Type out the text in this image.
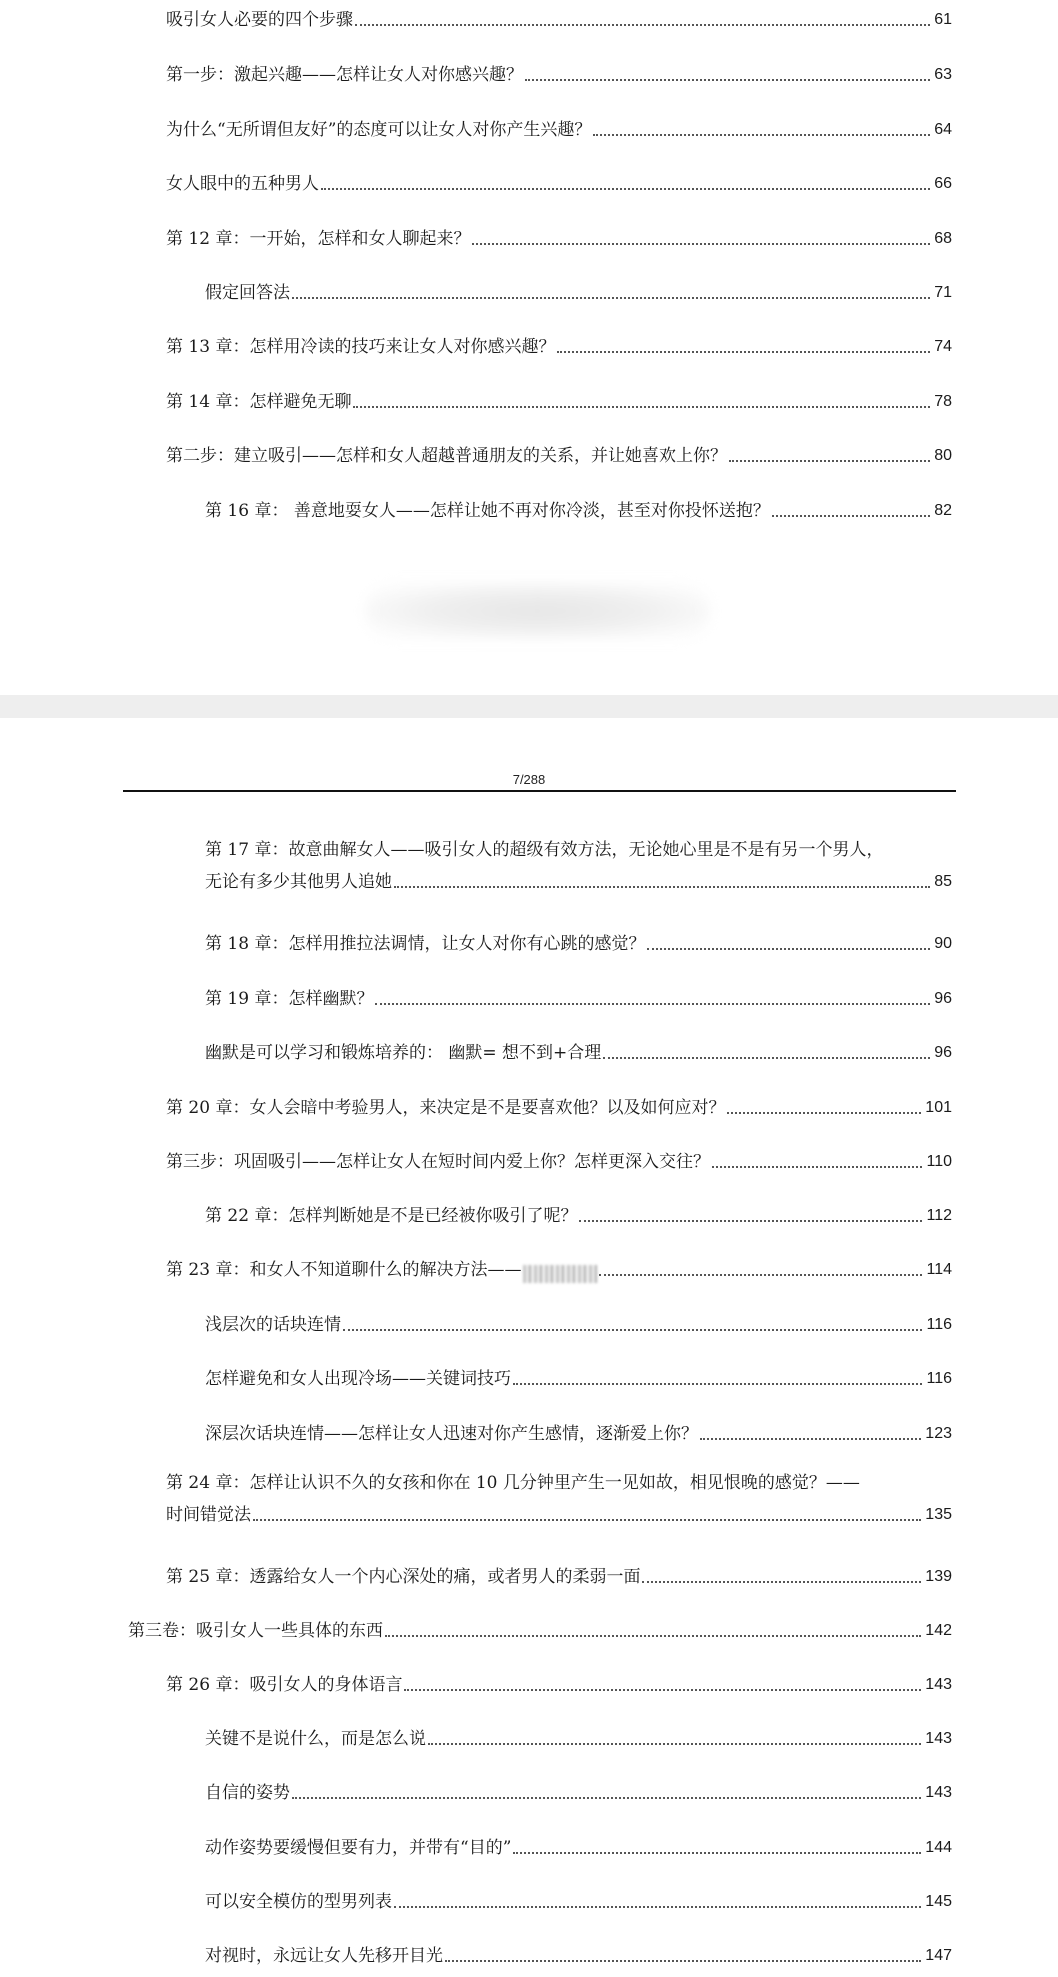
7/288
吸引女人必要的四个步骤	61
第一步：激起兴趣——怎样让女人对你感兴趣？	63
为什么“无所谓但友好”的态度可以让女人对你产生兴趣？	64
女人眼中的五种男人	66
第 12 章：一开始，怎样和女人聊起来？	68
假定回答法	71
第 13 章：怎样用冷读的技巧来让女人对你感兴趣？	74
第 14 章：怎样避免无聊	78
第二步：建立吸引——怎样和女人超越普通朋友的关系，并让她喜欢上你？	80
第 16 章： 善意地耍女人——怎样让她不再对你冷淡，甚至对你投怀送抱？	82
第 17 章：故意曲解女人——吸引女人的超级有效方法，无论她心里是不是有另一个男人，
无论有多少其他男人追她	85
第 18 章：怎样用推拉法调情，让女人对你有心跳的感觉？	90
第 19 章：怎样幽默？	96
幽默是可以学习和锻炼培养的： 幽默= 想不到+合理	96
第 20 章：女人会暗中考验男人，来决定是不是要喜欢他？以及如何应对？	101
第三步：巩固吸引——怎样让女人在短时间内爱上你？怎样更深入交往？	110
第 22 章：怎样判断她是不是已经被你吸引了呢？	112
第 23 章：和女人不知道聊什么的解决方法——	114
浅层次的话块连情	116
怎样避免和女人出现冷场——关键词技巧	116
深层次话块连情——怎样让女人迅速对你产生感情，逐渐爱上你？	123
第 24 章：怎样让认识不久的女孩和你在 10 几分钟里产生一见如故，相见恨晚的感觉？——
时间错觉法	135
第 25 章：透露给女人一个内心深处的痛，或者男人的柔弱一面	139
第三卷：吸引女人一些具体的东西	142
第 26 章：吸引女人的身体语言	143
关键不是说什么，而是怎么说	143
自信的姿势	143
动作姿势要缓慢但要有力，并带有“目的”	144
可以安全模仿的型男列表	145
对视时，永远让女人先移开目光	147
